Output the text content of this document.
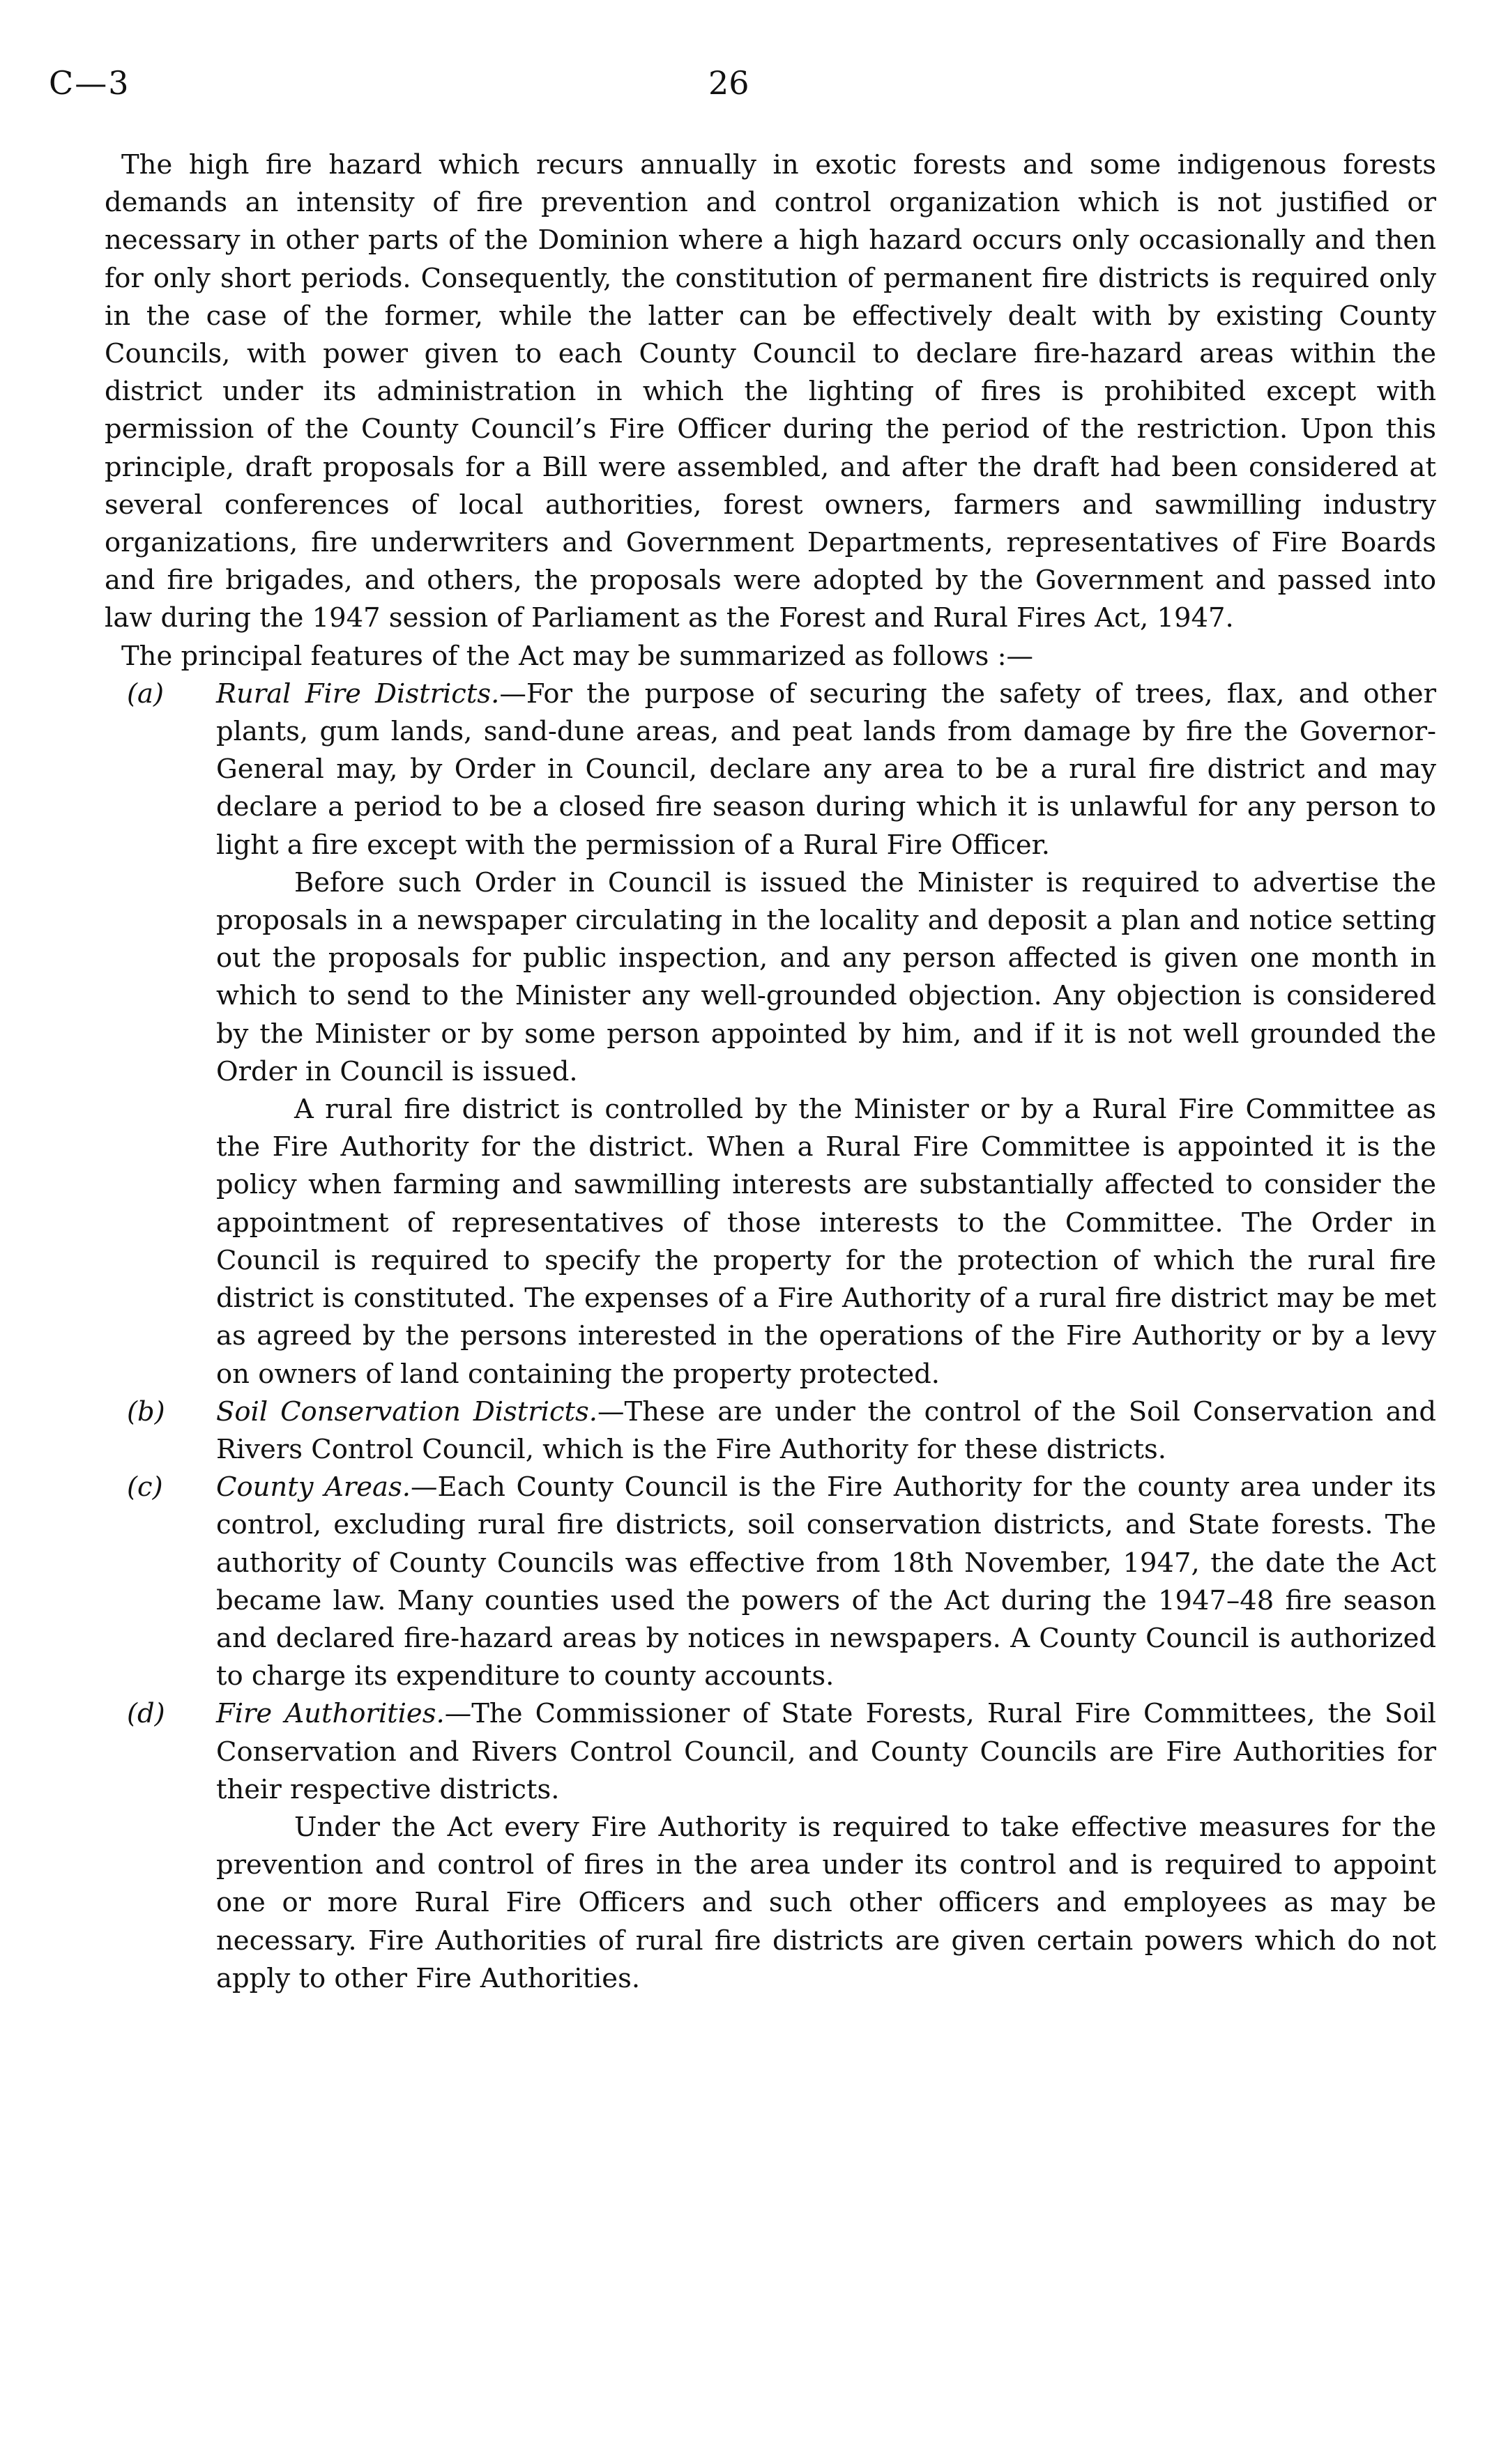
C—3	26

The high fire hazard which recurs annually in exotic forests and some indigenous forests demands an intensity of fire prevention and control organization which is not justified or necessary in other parts of the Dominion where a high hazard occurs only occasionally and then for only short periods. Consequently, the constitution of permanent fire districts is required only in the case of the former, while the latter can be effectively dealt with by existing County Councils, with power given to each County Council to declare fire-hazard areas within the district under its administration in which the lighting of fires is prohibited except with permission of the County Council’s Fire Officer during the period of the restriction. Upon this principle, draft proposals for a Bill were assembled, and after the draft had been considered at several conferences of local authorities, forest owners, farmers and sawmilling industry organizations, fire underwriters and Government Departments, representatives of Fire Boards and fire brigades, and others, the proposals were adopted by the Government and passed into law during the 1947 session of Parliament as the Forest and Rural Fires Act, 1947.

The principal features of the Act may be summarized as follows :—

(a) Rural Fire Districts.—For the purpose of securing the safety of trees, flax, and other plants, gum lands, sand-dune areas, and peat lands from damage by fire the Governor-General may, by Order in Council, declare any area to be a rural fire district and may declare a period to be a closed fire season during which it is unlawful for any person to light a fire except with the permission of a Rural Fire Officer.

Before such Order in Council is issued the Minister is required to advertise the proposals in a newspaper circulating in the locality and deposit a plan and notice setting out the proposals for public inspection, and any person affected is given one month in which to send to the Minister any well-grounded objection. Any objection is considered by the Minister or by some person appointed by him, and if it is not well grounded the Order in Council is issued.

A rural fire district is controlled by the Minister or by a Rural Fire Committee as the Fire Authority for the district. When a Rural Fire Committee is appointed it is the policy when farming and sawmilling interests are substantially affected to consider the appointment of representatives of those interests to the Committee. The Order in Council is required to specify the property for the protection of which the rural fire district is constituted. The expenses of a Fire Authority of a rural fire district may be met as agreed by the persons interested in the operations of the Fire Authority or by a levy on owners of land containing the property protected.

(b) Soil Conservation Districts.—These are under the control of the Soil Conservation and Rivers Control Council, which is the Fire Authority for these districts.

(c) County Areas.—Each County Council is the Fire Authority for the county area under its control, excluding rural fire districts, soil conservation districts, and State forests. The authority of County Councils was effective from 18th November, 1947, the date the Act became law. Many counties used the powers of the Act during the 1947–48 fire season and declared fire-hazard areas by notices in newspapers. A County Council is authorized to charge its expenditure to county accounts.

(d) Fire Authorities.—The Commissioner of State Forests, Rural Fire Committees, the Soil Conservation and Rivers Control Council, and County Councils are Fire Authorities for their respective districts.

Under the Act every Fire Authority is required to take effective measures for the prevention and control of fires in the area under its control and is required to appoint one or more Rural Fire Officers and such other officers and employees as may be necessary. Fire Authorities of rural fire districts are given certain powers which do not apply to other Fire Authorities.
